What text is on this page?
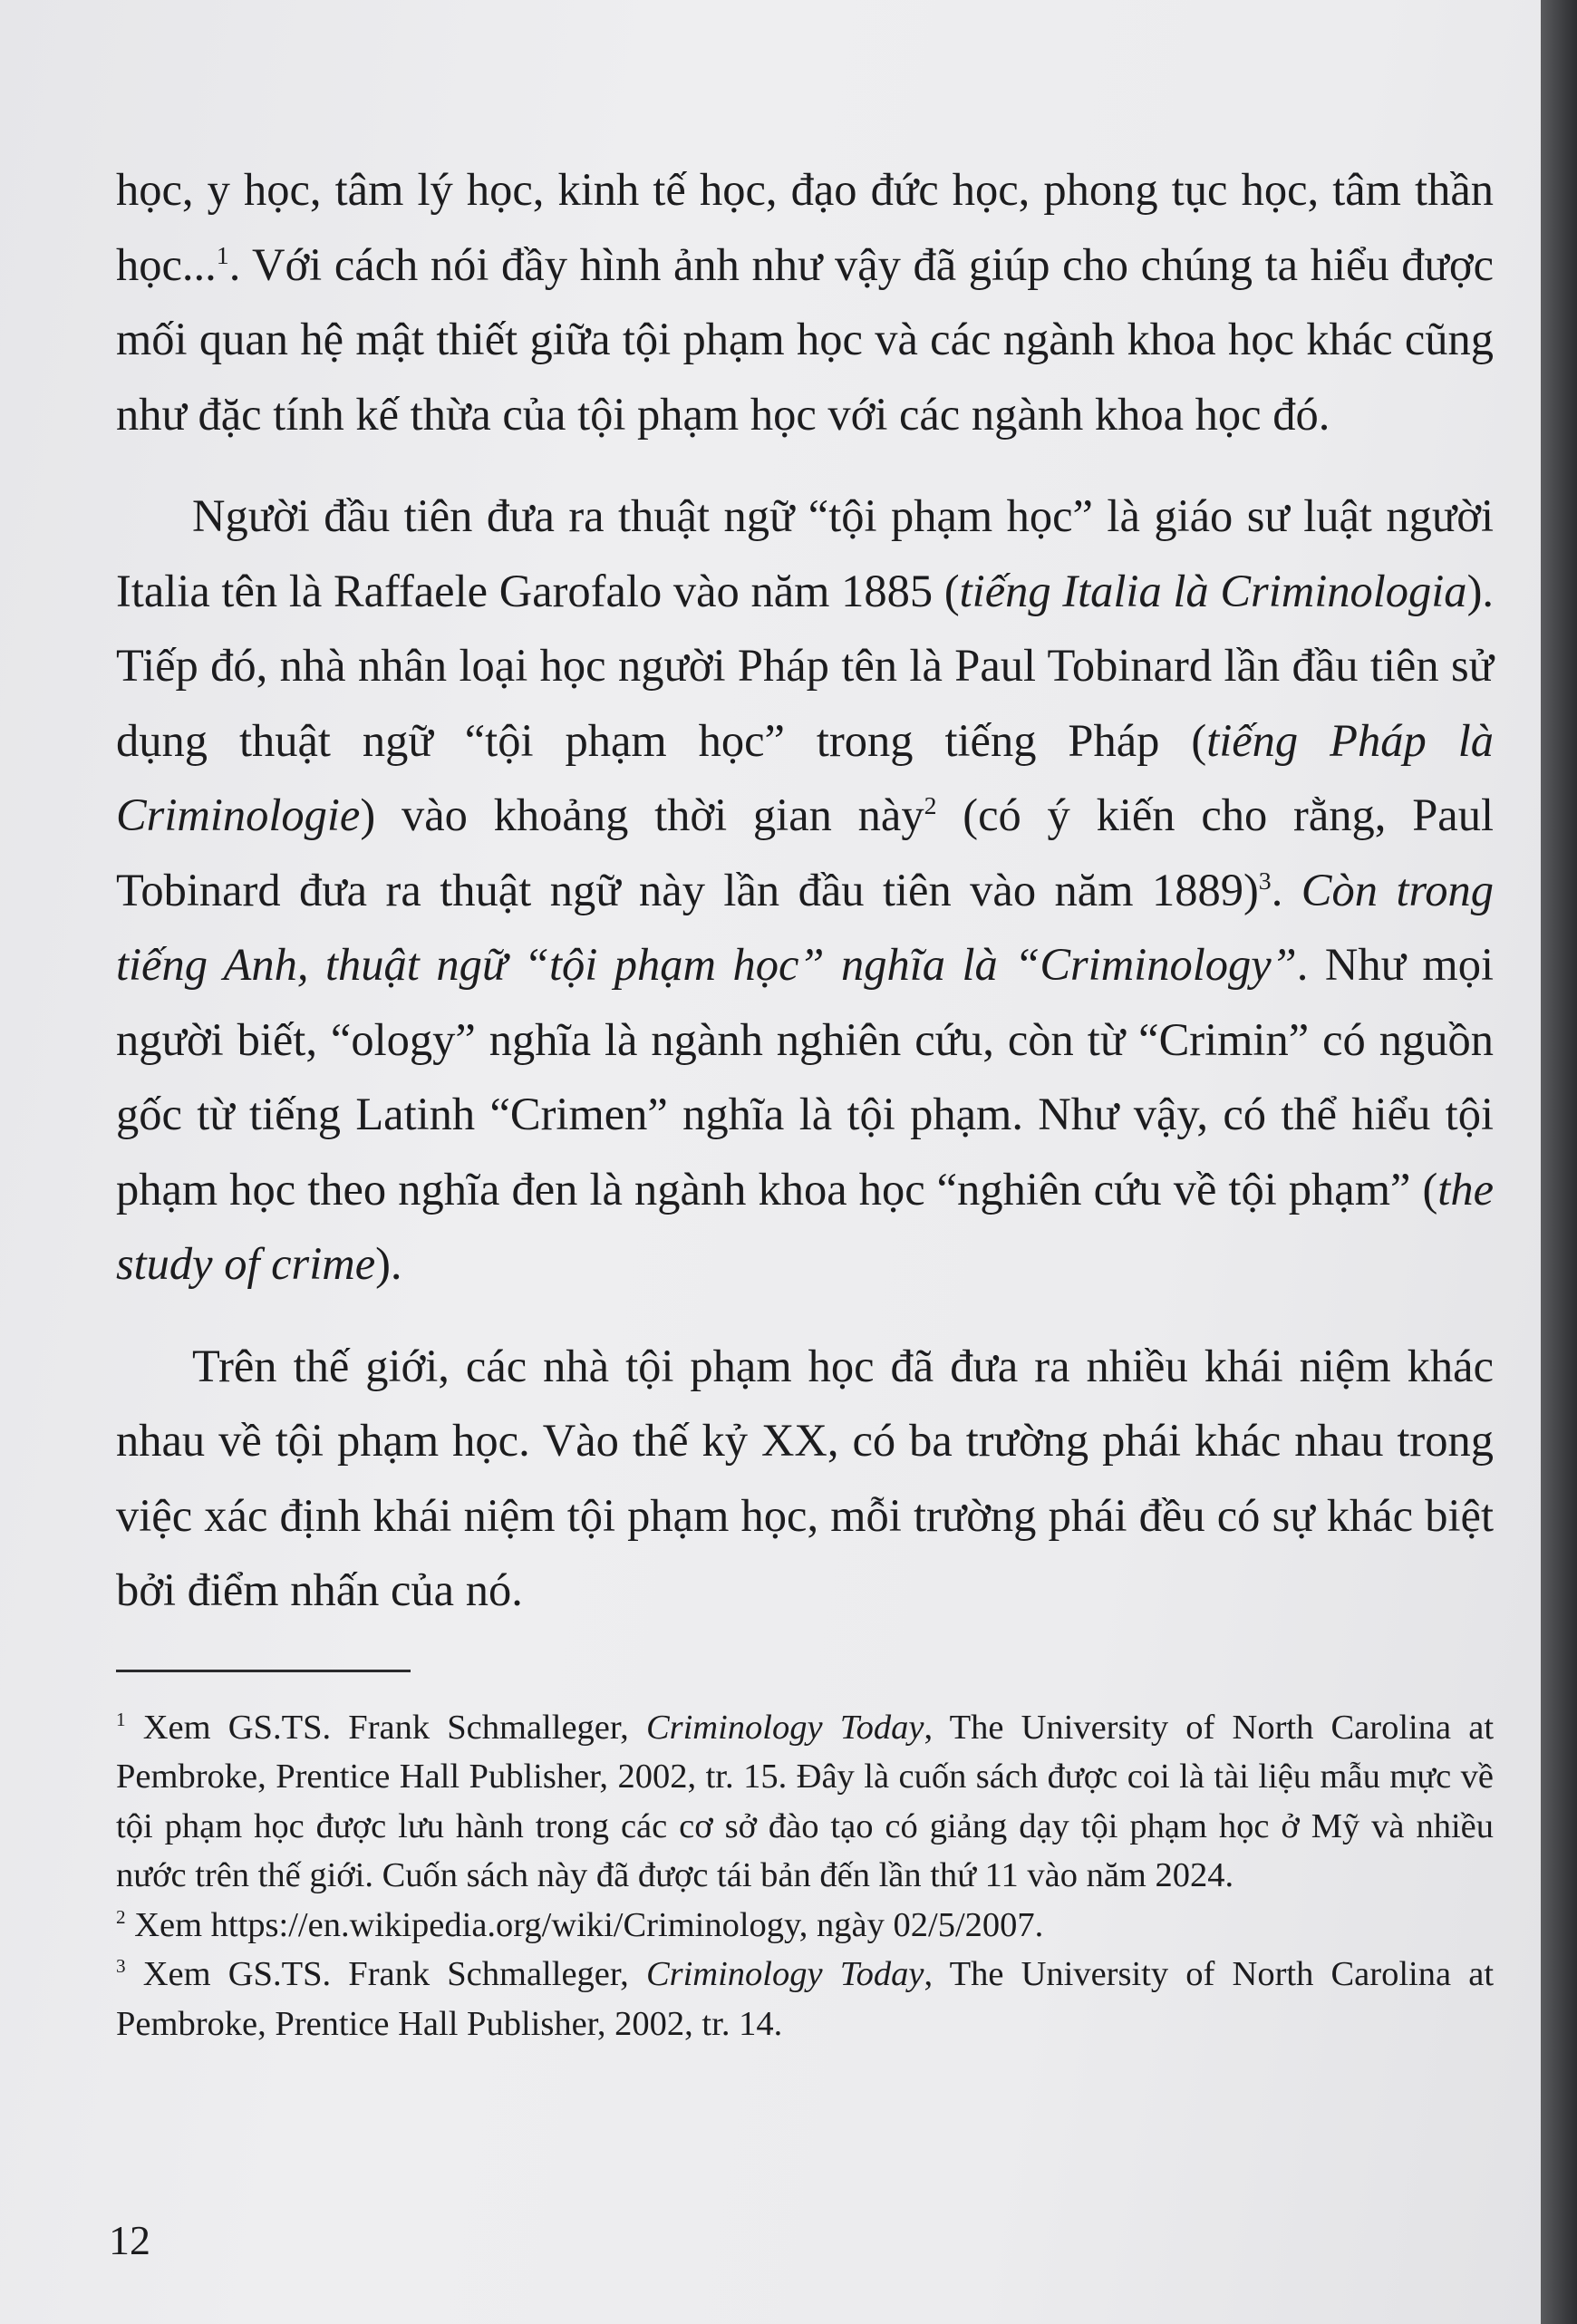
học, y học, tâm lý học, kinh tế học, đạo đức học, phong tục học, tâm thần học...$^1$. Với cách nói đầy hình ảnh như vậy đã giúp cho chúng ta hiểu được mối quan hệ mật thiết giữa tội phạm học và các ngành khoa học khác cũng như đặc tính kế thừa của tội phạm học với các ngành khoa học đó.

Người đầu tiên đưa ra thuật ngữ “tội phạm học” là giáo sư luật người Italia tên là Raffaele Garofalo vào năm 1885 (tiếng Italia là Criminologia). Tiếp đó, nhà nhân loại học người Pháp tên là Paul Tobinard lần đầu tiên sử dụng thuật ngữ “tội phạm học” trong tiếng Pháp (tiếng Pháp là Criminologie) vào khoảng thời gian này$^2$ (có ý kiến cho rằng, Paul Tobinard đưa ra thuật ngữ này lần đầu tiên vào năm 1889)$^3$. Còn trong tiếng Anh, thuật ngữ “tội phạm học” nghĩa là “Criminology”. Như mọi người biết, “ology” nghĩa là ngành nghiên cứu, còn từ “Crimin” có nguồn gốc từ tiếng Latinh “Crimen” nghĩa là tội phạm. Như vậy, có thể hiểu tội phạm học theo nghĩa đen là ngành khoa học “nghiên cứu về tội phạm” (the study of crime).

Trên thế giới, các nhà tội phạm học đã đưa ra nhiều khái niệm khác nhau về tội phạm học. Vào thế kỷ XX, có ba trường phái khác nhau trong việc xác định khái niệm tội phạm học, mỗi trường phái đều có sự khác biệt bởi điểm nhấn của nó.

$^1$ Xem GS.TS. Frank Schmalleger, Criminology Today, The University of North Carolina at Pembroke, Prentice Hall Publisher, 2002, tr. 15. Đây là cuốn sách được coi là tài liệu mẫu mực về tội phạm học được lưu hành trong các cơ sở đào tạo có giảng dạy tội phạm học ở Mỹ và nhiều nước trên thế giới. Cuốn sách này đã được tái bản đến lần thứ 11 vào năm 2024.

$^2$ Xem https://en.wikipedia.org/wiki/Criminology, ngày 02/5/2007.

$^3$ Xem GS.TS. Frank Schmalleger, Criminology Today, The University of North Carolina at Pembroke, Prentice Hall Publisher, 2002, tr. 14.

12
